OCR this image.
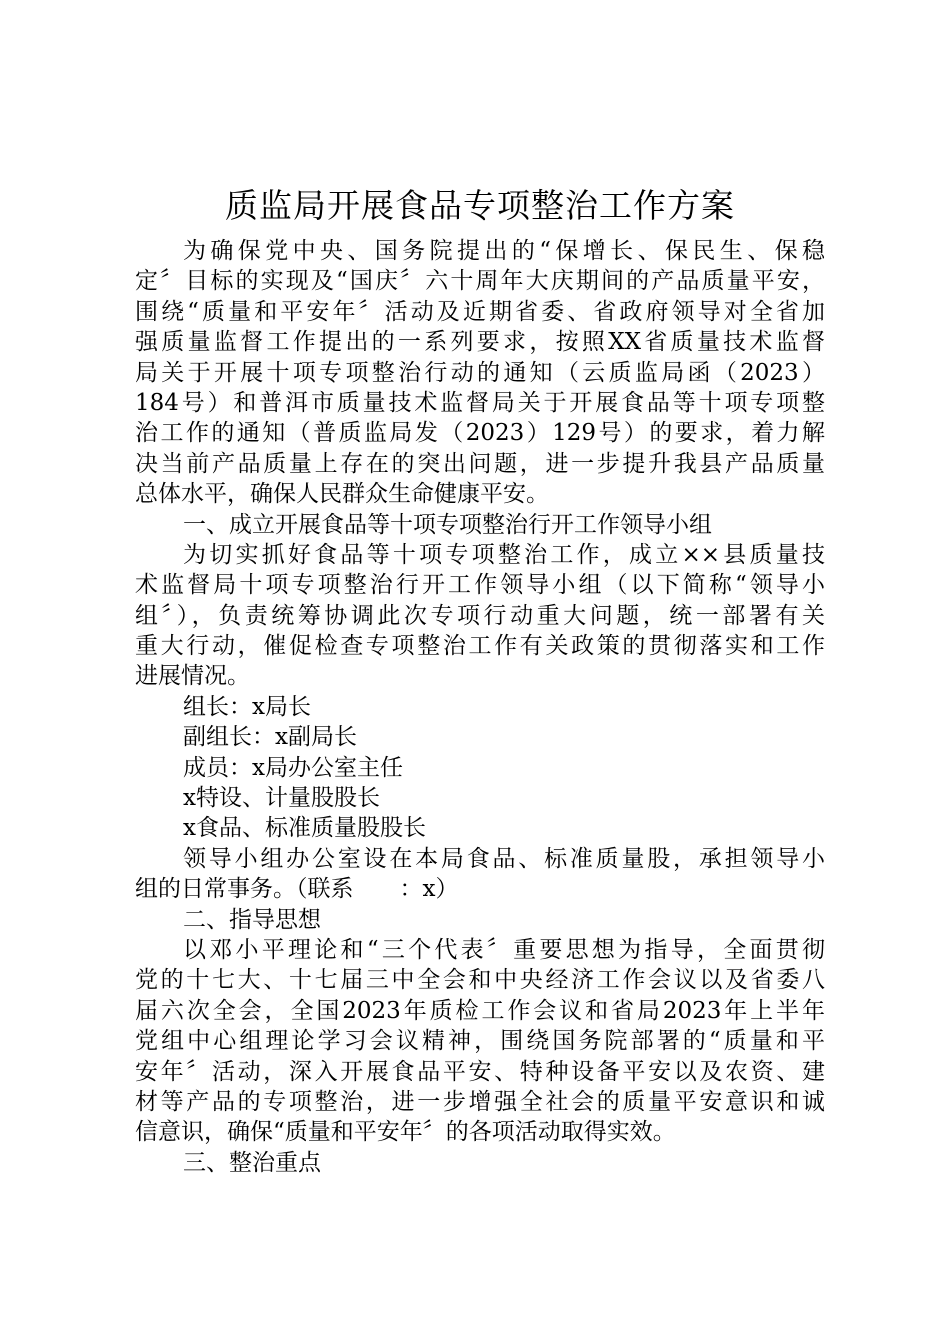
质监局开展食品专项整治工作方案
为确保党中央、国务院提出的“保增长、保民生、保稳
定〞目标的实现及“国庆〞六十周年大庆期间的产品质量平安，
围绕“质量和平安年〞活动及近期省委、省政府领导对全省加
强质量监督工作提出的一系列要求，按照XX省质量技术监督
局关于开展十项专项整治行动的通知（云质监局函（2023）
184号）和普洱市质量技术监督局关于开展食品等十项专项整
治工作的通知（普质监局发（2023）129号）的要求，着力解
决当前产品质量上存在的突出问题，进一步提升我县产品质量
总体水平，确保人民群众生命健康平安。
一、成立开展食品等十项专项整治行开工作领导小组
为切实抓好食品等十项专项整治工作，成立××县质量技
术监督局十项专项整治行开工作领导小组（以下简称“领导小
组〞），负责统筹协调此次专项行动重大问题，统一部署有关
重大行动，催促检查专项整治工作有关政策的贯彻落实和工作
进展情况。
组长：x局长
副组长：x副局长
成员：x局办公室主任
x特设、计量股股长
x食品、标准质量股股长
领导小组办公室设在本局食品、标准质量股，承担领导小
组的日常事务。（联系　　：x）
二、指导思想
以邓小平理论和“三个代表〞重要思想为指导，全面贯彻
党的十七大、十七届三中全会和中央经济工作会议以及省委八
届六次全会，全国2023年质检工作会议和省局2023年上半年
党组中心组理论学习会议精神，围绕国务院部署的“质量和平
安年〞活动，深入开展食品平安、特种设备平安以及农资、建
材等产品的专项整治，进一步增强全社会的质量平安意识和诚
信意识，确保“质量和平安年〞的各项活动取得实效。
三、整治重点
